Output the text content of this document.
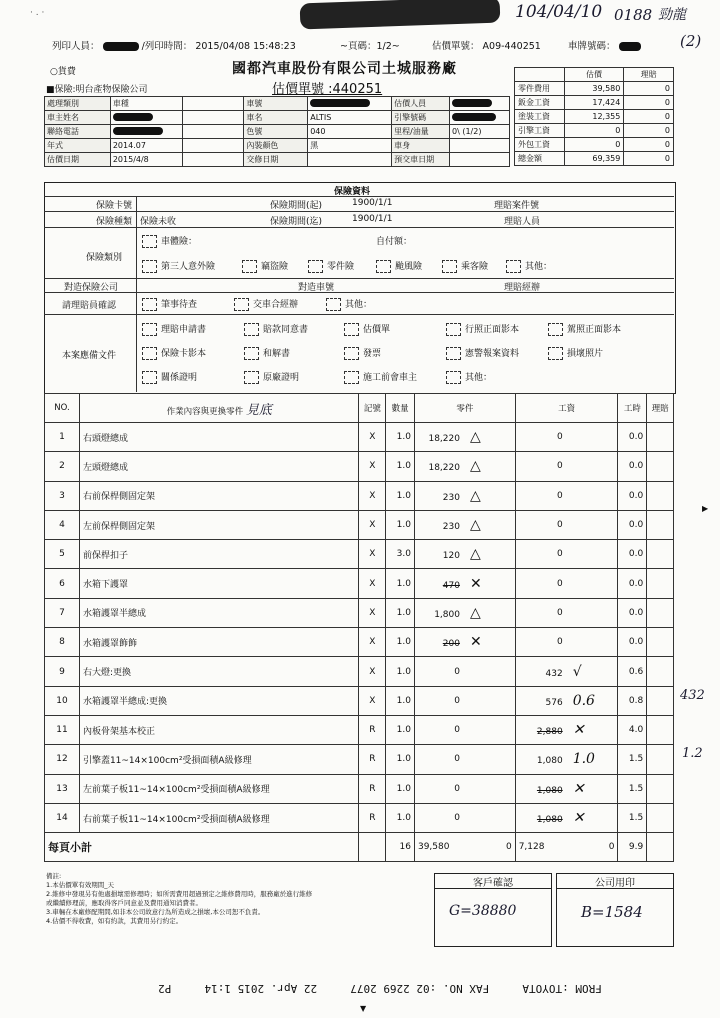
· . ·	104/04/10 0188 勁龍
(2)
列印人員：	/列印時間： 2015/04/08 15:48:23	~頁碼：1/2~	估價單號： A09-440251	車牌號碼：
○貨費	國都汽車股份有限公司土城服務廠
■保險:明台產物保險公司	估價單號 :440251
處理類別	車種		車號		估價人員	
車主姓名			車名	ALTIS	引擎號碼	
聯絡電話			色號	040	里程/油量	0\ (1/2)
年式	2014.07		內裝顏色	黑	車身	
估價日期	2015/4/8		交修日期		預交車日期	
	估價	理賠
零件費用	39,580	0
鈑金工資	17,424	0
塗裝工資	12,355	0
引擎工資	0	0
外包工資	0	0
總金額	69,359	0
保險資料
保險卡號	保險期間(起)	1900/1/1	理賠案件號
保險種類 保險未收	保險期間(迄)	1900/1/1	理賠人員
保險類別
車體險：	自付額：
第三人意外險	竊盜險	零件險	颱風險	乘客險	其他：
對造保險公司	對造車號	理賠經辦
請理賠員確認	筆事待查	交車合經辦	其他：
本案應備文件
理賠申請書	賠款同意書	估價單	行照正面影本	駕照正面影本
保險卡影本	和解書	發票	憲警報案資料	損壞照片
關係證明	原廠證明	施工前會車主	其他：
NO.	作業內容與更換零件 見底	記號	數量	零件	工資	工時	理賠
1	右頭燈總成	X	1.0	18,220 △	0	0.0	
2	左頭燈總成	X	1.0	18,220 △	0	0.0	
3	右前保桿側固定架	X	1.0	230 △	0	0.0	
4	左前保桿側固定架	X	1.0	230 △	0	0.0	
5	前保桿扣子	X	3.0	120 △	0	0.0	
6	水箱下護罩	X	1.0	470 ✕	0	0.0	
7	水箱護罩半總成	X	1.0	1,800 △	0	0.0	
8	水箱護罩飾飾	X	1.0	200 ✕	0	0.0	
9	右大燈:更換	X	1.0	0	432 √	0.6	
10	水箱護罩半總成:更換	X	1.0	0	576 0.6	0.8	
11	內板骨架基本校正	R	1.0	0	2,880 ✕	4.0	
12	引擎蓋11~14×100cm²受損面積A級修理	R	1.0	0	1,080 1.0	1.5	
13	左前葉子板11~14×100cm²受損面積A級修理	R	1.0	0	1,080 ✕	1.5	
14	右前葉子板11~14×100cm²受損面積A級修理	R	1.0	0	1,080 ✕	1.5	
每頁小計			16	39,580 0	7,128 0	9.9	
432
1.2
▶
備註:
1.本估價單有效期間_天
2.維修中發現另有他處損壞需修理時；如所需費用超過預定之維修費用時，服務廠於進行維修
或繼續修理前，應取得客戶同意並及費用通知消費者。
3.車輛在本廠修配期間,如非本公司故意行為所造成之損壞,本公司恕不負責。
4.估價不得收費，如有約款，其費用另行約定。
客戶確認
G=38880
公司用印
B=1584
FROM :TOYOTA     FAX NO. :02 2269 2077     22 Apr. 2015 1:14     P2
▼
